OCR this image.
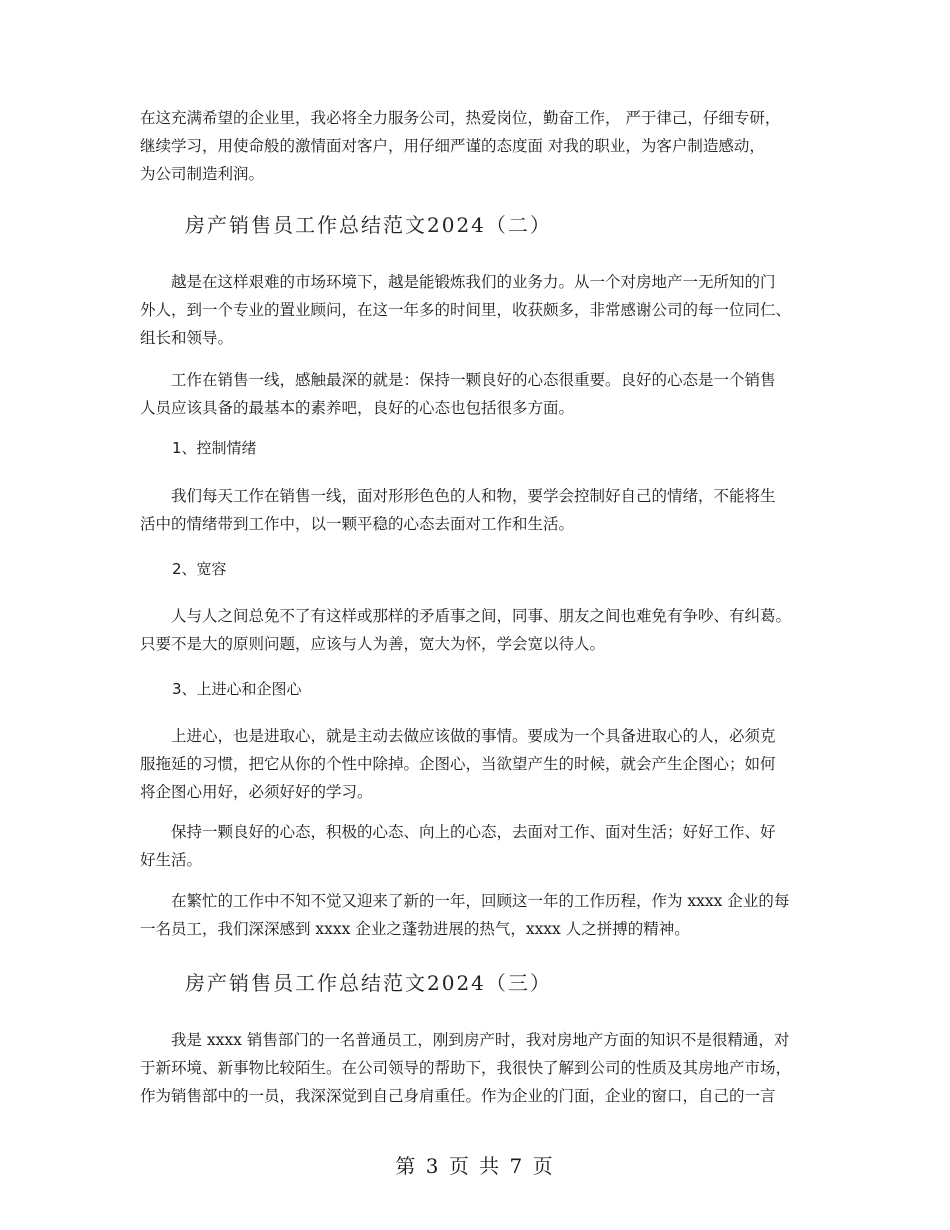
在这充满希望的企业里，我必将全力服务公司，热爱岗位，勤奋工作， 严于律己，仔细专研，
继续学习，用使命般的激情面对客户，用仔细严谨的态度面 对我的职业，为客户制造感动，
为公司制造利润。

房产销售员工作总结范文2024（二）

　　越是在这样艰难的市场环境下，越是能锻炼我们的业务力。从一个对房地产一无所知的门
外人，到一个专业的置业顾问，在这一年多的时间里，收获颇多，非常感谢公司的每一位同仁、
组长和领导。

　　工作在销售一线，感触最深的就是：保持一颗良好的心态很重要。良好的心态是一个销售
人员应该具备的最基本的素养吧，良好的心态也包括很多方面。

1、控制情绪

　　我们每天工作在销售一线，面对形形色色的人和物，要学会控制好自己的情绪，不能将生
活中的情绪带到工作中，以一颗平稳的心态去面对工作和生活。

2、宽容

　　人与人之间总免不了有这样或那样的矛盾事之间，同事、朋友之间也难免有争吵、有纠葛。
只要不是大的原则问题，应该与人为善，宽大为怀，学会宽以待人。

3、上进心和企图心

　　上进心，也是进取心，就是主动去做应该做的事情。要成为一个具备进取心的人，必须克
服拖延的习惯，把它从你的个性中除掉。企图心，当欲望产生的时候，就会产生企图心；如何
将企图心用好，必须好好的学习。

　　保持一颗良好的心态，积极的心态、向上的心态，去面对工作、面对生活；好好工作、好
好生活。

　　在繁忙的工作中不知不觉又迎来了新的一年，回顾这一年的工作历程，作为 xxxx 企业的每
一名员工，我们深深感到 xxxx 企业之蓬勃进展的热气，xxxx 人之拼搏的精神。

房产销售员工作总结范文2024（三）

　　我是 xxxx 销售部门的一名普通员工，刚到房产时，我对房地产方面的知识不是很精通，对
于新环境、新事物比较陌生。在公司领导的帮助下，我很快了解到公司的性质及其房地产市场，
作为销售部中的一员，我深深觉到自己身肩重任。作为企业的门面，企业的窗口，自己的一言

第 3 页 共 7 页
